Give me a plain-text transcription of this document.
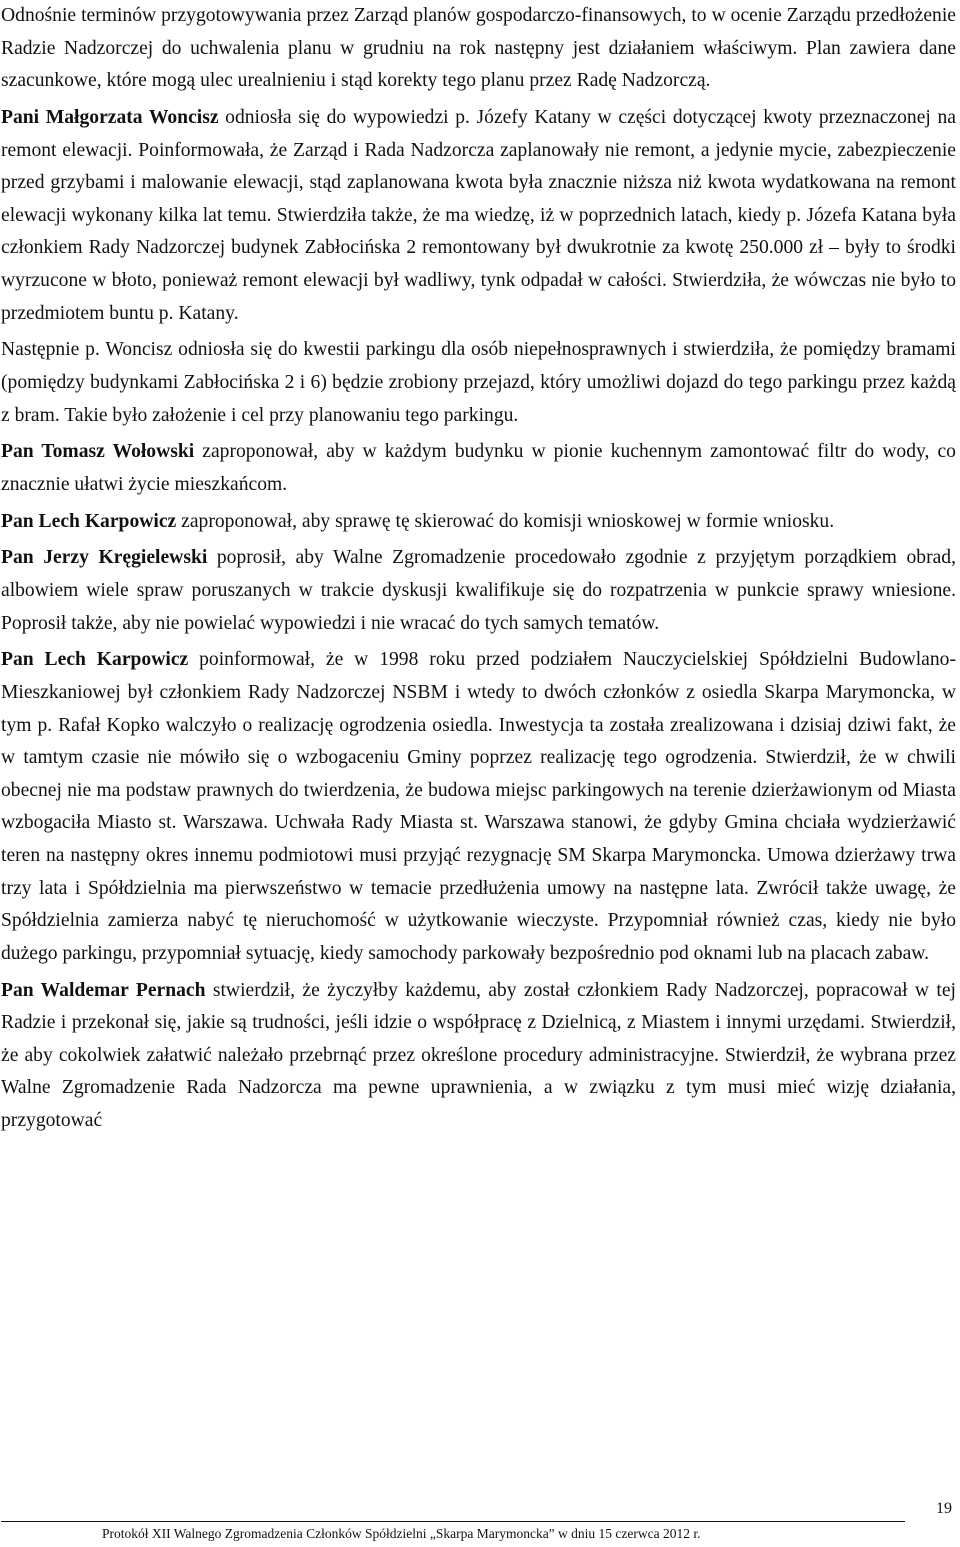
Odnośnie terminów przygotowywania przez Zarząd planów gospodarczo-finansowych, to w ocenie Zarządu przedłożenie Radzie Nadzorczej do uchwalenia planu w grudniu na rok następny jest działaniem właściwym. Plan zawiera dane szacunkowe, które mogą ulec urealnieniu i stąd korekty tego planu przez Radę Nadzorczą.

Pani Małgorzata Woncisz odniosła się do wypowiedzi p. Józefy Katany w części dotyczącej kwoty przeznaczonej na remont elewacji. Poinformowała, że Zarząd i Rada Nadzorcza zaplanowały nie remont, a jedynie mycie, zabezpieczenie przed grzybami i malowanie elewacji, stąd zaplanowana kwota była znacznie niższa niż kwota wydatkowana na remont elewacji wykonany kilka lat temu. Stwierdziła także, że ma wiedzę, iż w poprzednich latach, kiedy p. Józefa Katana była członkiem Rady Nadzorczej budynek Zabłocińska 2 remontowany był dwukrotnie za kwotę 250.000 zł – były to środki wyrzucone w błoto, ponieważ remont elewacji był wadliwy, tynk odpadał w całości. Stwierdziła, że wówczas nie było to przedmiotem buntu p. Katany.

Następnie p. Woncisz odniosła się do kwestii parkingu dla osób niepełnosprawnych i stwierdziła, że pomiędzy bramami (pomiędzy budynkami Zabłocińska 2 i 6) będzie zrobiony przejazd, który umożliwi dojazd do tego parkingu przez każdą z bram. Takie było założenie i cel przy planowaniu tego parkingu.

Pan Tomasz Wołowski zaproponował, aby w każdym budynku w pionie kuchennym zamontować filtr do wody, co znacznie ułatwi życie mieszkańcom.

Pan Lech Karpowicz zaproponował, aby sprawę tę skierować do komisji wnioskowej w formie wniosku.

Pan Jerzy Kręgielewski poprosił, aby Walne Zgromadzenie procedowało zgodnie z przyjętym porządkiem obrad, albowiem wiele spraw poruszanych w trakcie dyskusji kwalifikuje się do rozpatrzenia w punkcie sprawy wniesione. Poprosił także, aby nie powielać wypowiedzi i nie wracać do tych samych tematów.

Pan Lech Karpowicz poinformował, że w 1998 roku przed podziałem Nauczycielskiej Spółdzielni Budowlano-Mieszkaniowej był członkiem Rady Nadzorczej NSBM i wtedy to dwóch członków z osiedla Skarpa Marymoncka, w tym p. Rafał Kopko walczyło o realizację ogrodzenia osiedla. Inwestycja ta została zrealizowana i dzisiaj dziwi fakt, że w tamtym czasie nie mówiło się o wzbogaceniu Gminy poprzez realizację tego ogrodzenia. Stwierdził, że w chwili obecnej nie ma podstaw prawnych do twierdzenia, że budowa miejsc parkingowych na terenie dzierżawionym od Miasta wzbogaciła Miasto st. Warszawa. Uchwała Rady Miasta st. Warszawa stanowi, że gdyby Gmina chciała wydzierżawić teren na następny okres innemu podmiotowi musi przyjąć rezygnację SM Skarpa Marymoncka. Umowa dzierżawy trwa trzy lata i Spółdzielnia ma pierwszeństwo w temacie przedłużenia umowy na następne lata. Zwrócił także uwagę, że Spółdzielnia zamierza nabyć tę nieruchomość w użytkowanie wieczyste. Przypomniał również czas, kiedy nie było dużego parkingu, przypomniał sytuację, kiedy samochody parkowały bezpośrednio pod oknami lub na placach zabaw.

Pan Waldemar Pernach stwierdził, że życzyłby każdemu, aby został członkiem Rady Nadzorczej, popracował w tej Radzie i przekonał się, jakie są trudności, jeśli idzie o współpracę z Dzielnicą, z Miastem i innymi urzędami. Stwierdził, że aby cokolwiek załatwić należało przebrnąć przez określone procedury administracyjne. Stwierdził, że wybrana przez Walne Zgromadzenie Rada Nadzorcza ma pewne uprawnienia, a w związku z tym musi mieć wizję działania, przygotować

19
Protokół XII Walnego Zgromadzenia Członków Spółdzielni „Skarpa Marymoncka” w dniu 15 czerwca 2012 r.
